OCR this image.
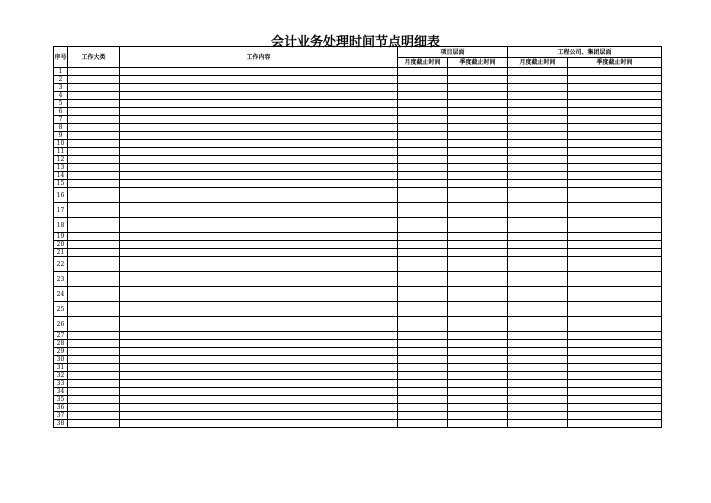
会计业务处理时间节点明细表
序号	工作大类	工作内容	项目层面		工程公司、集团层面	
			月度截止时间	季度截止时间	月度截止时间	季度截止时间
1						
2						
3						
4						
5						
6						
7						
8						
9						
10						
11						
12						
13						
14						
15						
16						
17						
18						
19						
20						
21						
22						
23						
24						
25						
26						
27						
28						
29						
30						
31						
32						
33						
34						
35						
36						
37						
38						
